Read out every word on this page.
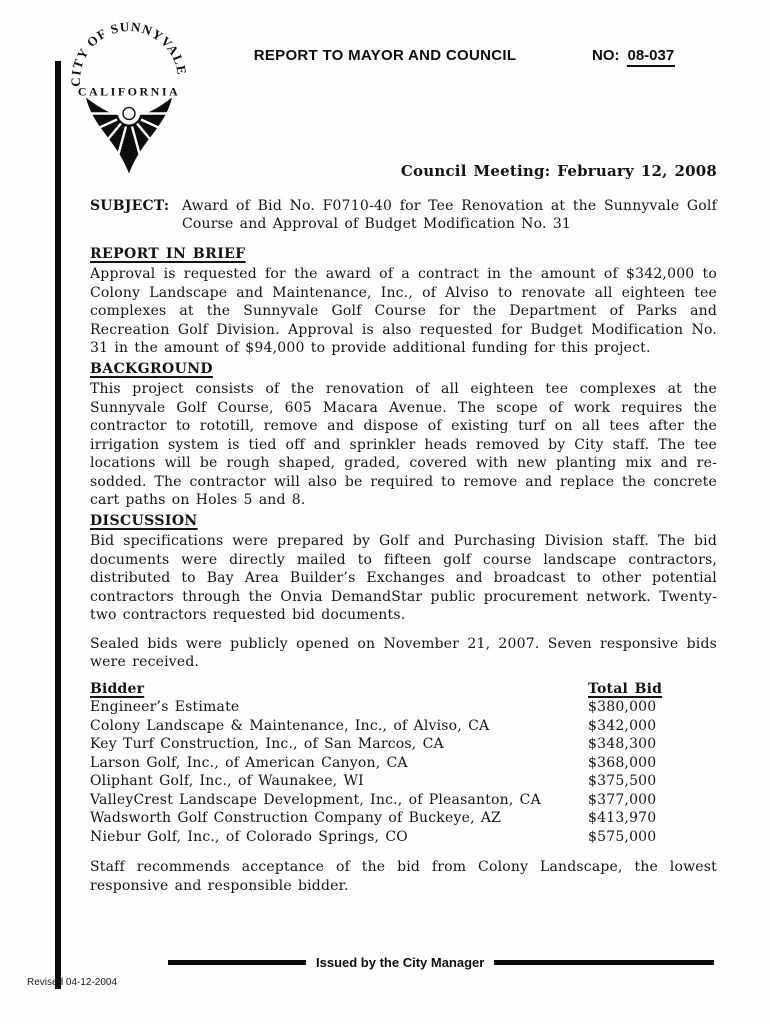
CITY OF SUNNYVALE
CALIFORNIA
REPORT TO MAYOR AND COUNCIL	NO: 08-037
Council Meeting: February 12, 2008
SUBJECT: Award of Bid No. F0710-40 for Tee Renovation at the Sunnyvale Golf Course and Approval of Budget Modification No. 31
REPORT IN BRIEF

Approval is requested for the award of a contract in the amount of $342,000 to Colony Landscape and Maintenance, Inc., of Alviso to renovate all eighteen tee complexes at the Sunnyvale Golf Course for the Department of Parks and Recreation Golf Division. Approval is also requested for Budget Modification No. 31 in the amount of $94,000 to provide additional funding for this project.

BACKGROUND

This project consists of the renovation of all eighteen tee complexes at the Sunnyvale Golf Course, 605 Macara Avenue. The scope of work requires the contractor to rototill, remove and dispose of existing turf on all tees after the irrigation system is tied off and sprinkler heads removed by City staff. The tee locations will be rough shaped, graded, covered with new planting mix and re-sodded. The contractor will also be required to remove and replace the concrete cart paths on Holes 5 and 8.

DISCUSSION

Bid specifications were prepared by Golf and Purchasing Division staff. The bid documents were directly mailed to fifteen golf course landscape contractors, distributed to Bay Area Builder’s Exchanges and broadcast to other potential contractors through the Onvia DemandStar public procurement network. Twenty-two contractors requested bid documents.

Sealed bids were publicly opened on November 21, 2007. Seven responsive bids were received.

Bidder	Total Bid
Engineer’s Estimate	$380,000
Colony Landscape & Maintenance, Inc., of Alviso, CA	$342,000
Key Turf Construction, Inc., of San Marcos, CA	$348,300
Larson Golf, Inc., of American Canyon, CA	$368,000
Oliphant Golf, Inc., of Waunakee, WI	$375,500
ValleyCrest Landscape Development, Inc., of Pleasanton, CA	$377,000
Wadsworth Golf Construction Company of Buckeye, AZ	$413,970
Niebur Golf, Inc., of Colorado Springs, CO	$575,000

Staff recommends acceptance of the bid from Colony Landscape, the lowest responsive and responsible bidder.

Issued by the City Manager
Revised 04-12-2004
